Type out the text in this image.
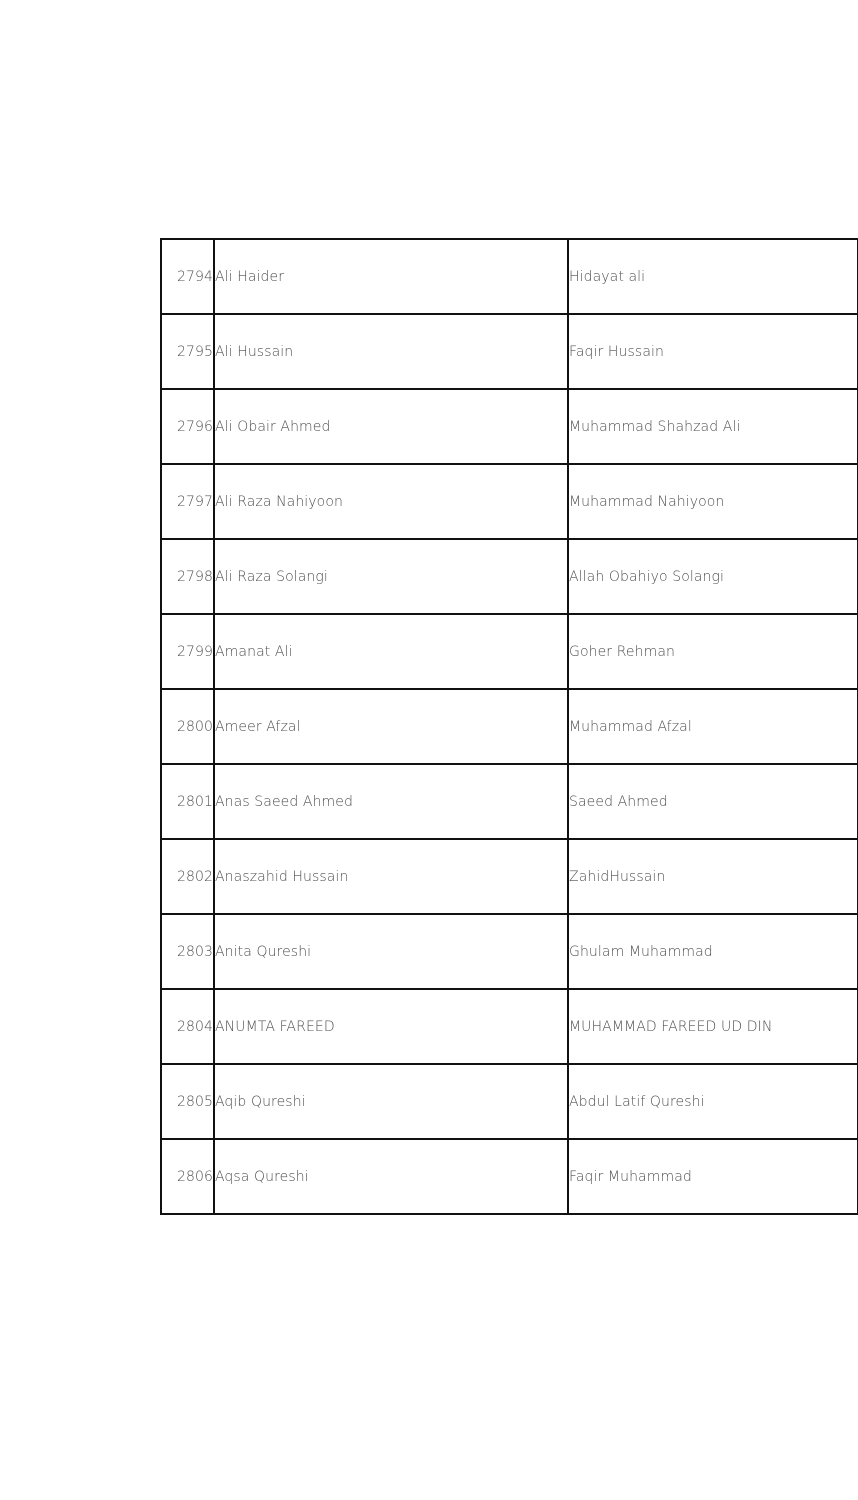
2794	Ali Haider	Hidayat ali	
2795	Ali Hussain	Faqir Hussain	
2796	Ali Obair Ahmed	Muhammad Shahzad Ali	
2797	Ali Raza Nahiyoon	Muhammad Nahiyoon	
2798	Ali Raza Solangi	Allah Obahiyo Solangi	
2799	Amanat Ali	Goher Rehman	
2800	Ameer Afzal	Muhammad Afzal	
2801	Anas Saeed Ahmed	Saeed Ahmed	
2802	Anaszahid Hussain	ZahidHussain	
2803	Anita Qureshi	Ghulam Muhammad	
2804	ANUMTA FAREED	MUHAMMAD FAREED UD DIN	
2805	Aqib Qureshi	Abdul Latif Qureshi	
2806	Aqsa Qureshi	Faqir Muhammad	
